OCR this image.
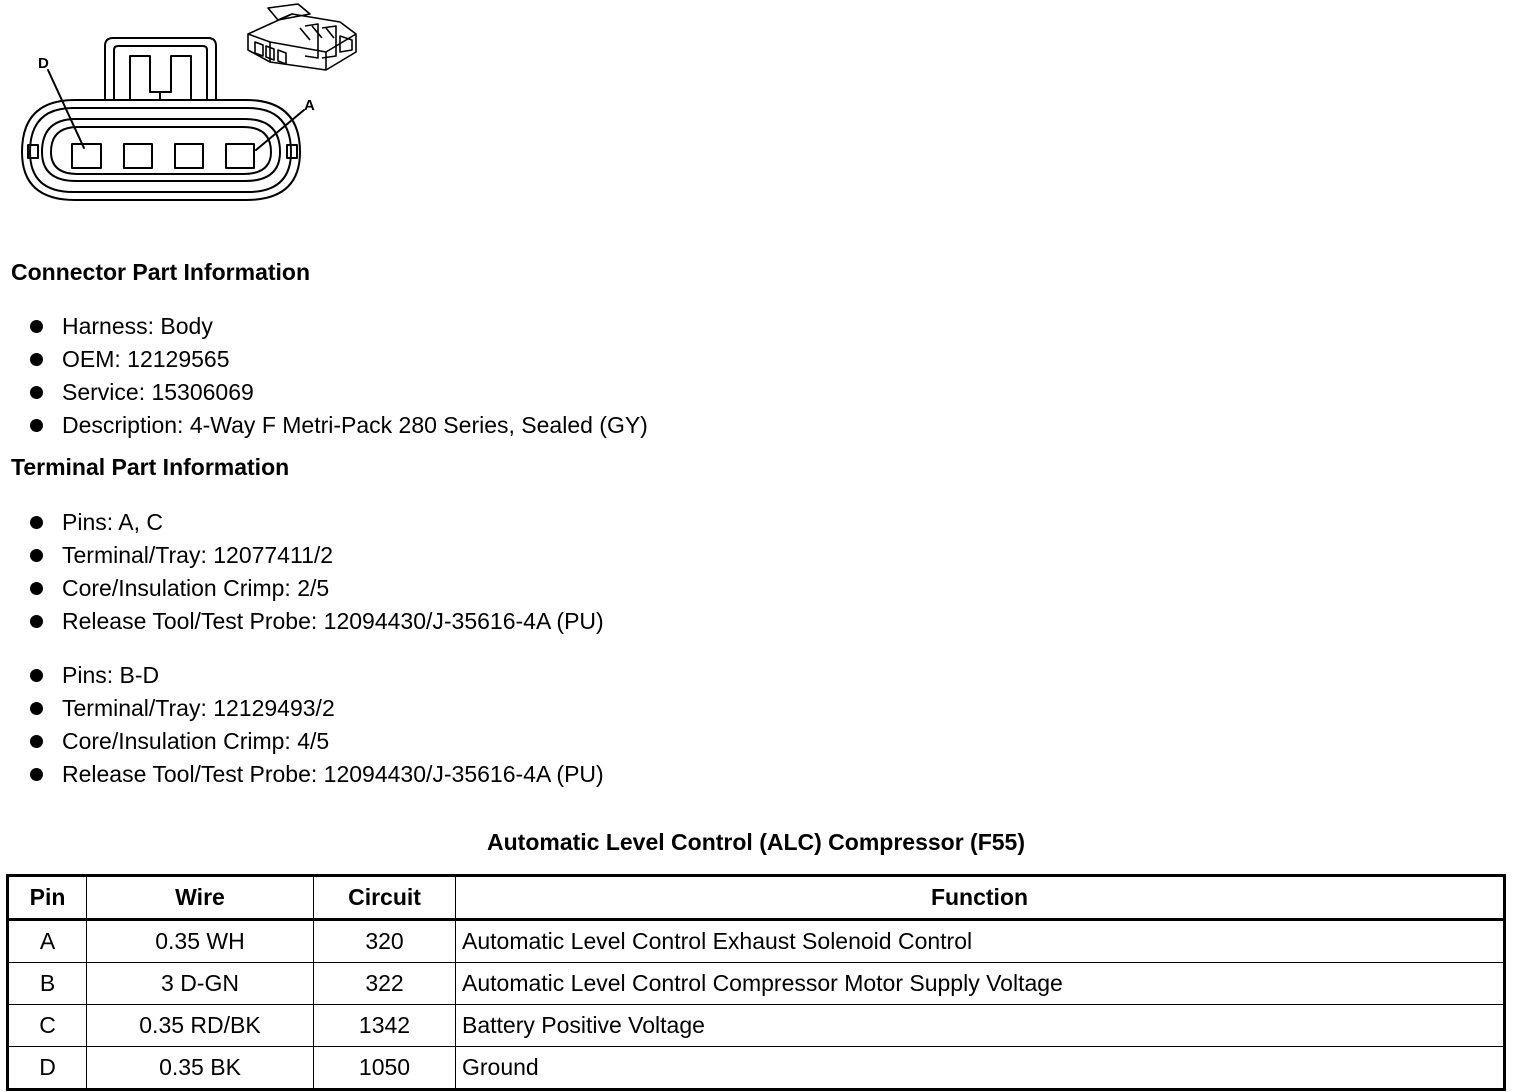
D
A
Connector Part Information
Harness: Body
OEM: 12129565
Service: 15306069
Description: 4-Way F Metri-Pack 280 Series, Sealed (GY)
Terminal Part Information
Pins: A, C
Terminal/Tray: 12077411/2
Core/Insulation Crimp: 2/5
Release Tool/Test Probe: 12094430/J-35616-4A (PU)
Pins: B-D
Terminal/Tray: 12129493/2
Core/Insulation Crimp: 4/5
Release Tool/Test Probe: 12094430/J-35616-4A (PU)
Automatic Level Control (ALC) Compressor (F55)
Pin	Wire	Circuit	Function
A	0.35 WH	320	Automatic Level Control Exhaust Solenoid Control
B	3 D-GN	322	Automatic Level Control Compressor Motor Supply Voltage
C	0.35 RD/BK	1342	Battery Positive Voltage
D	0.35 BK	1050	Ground
